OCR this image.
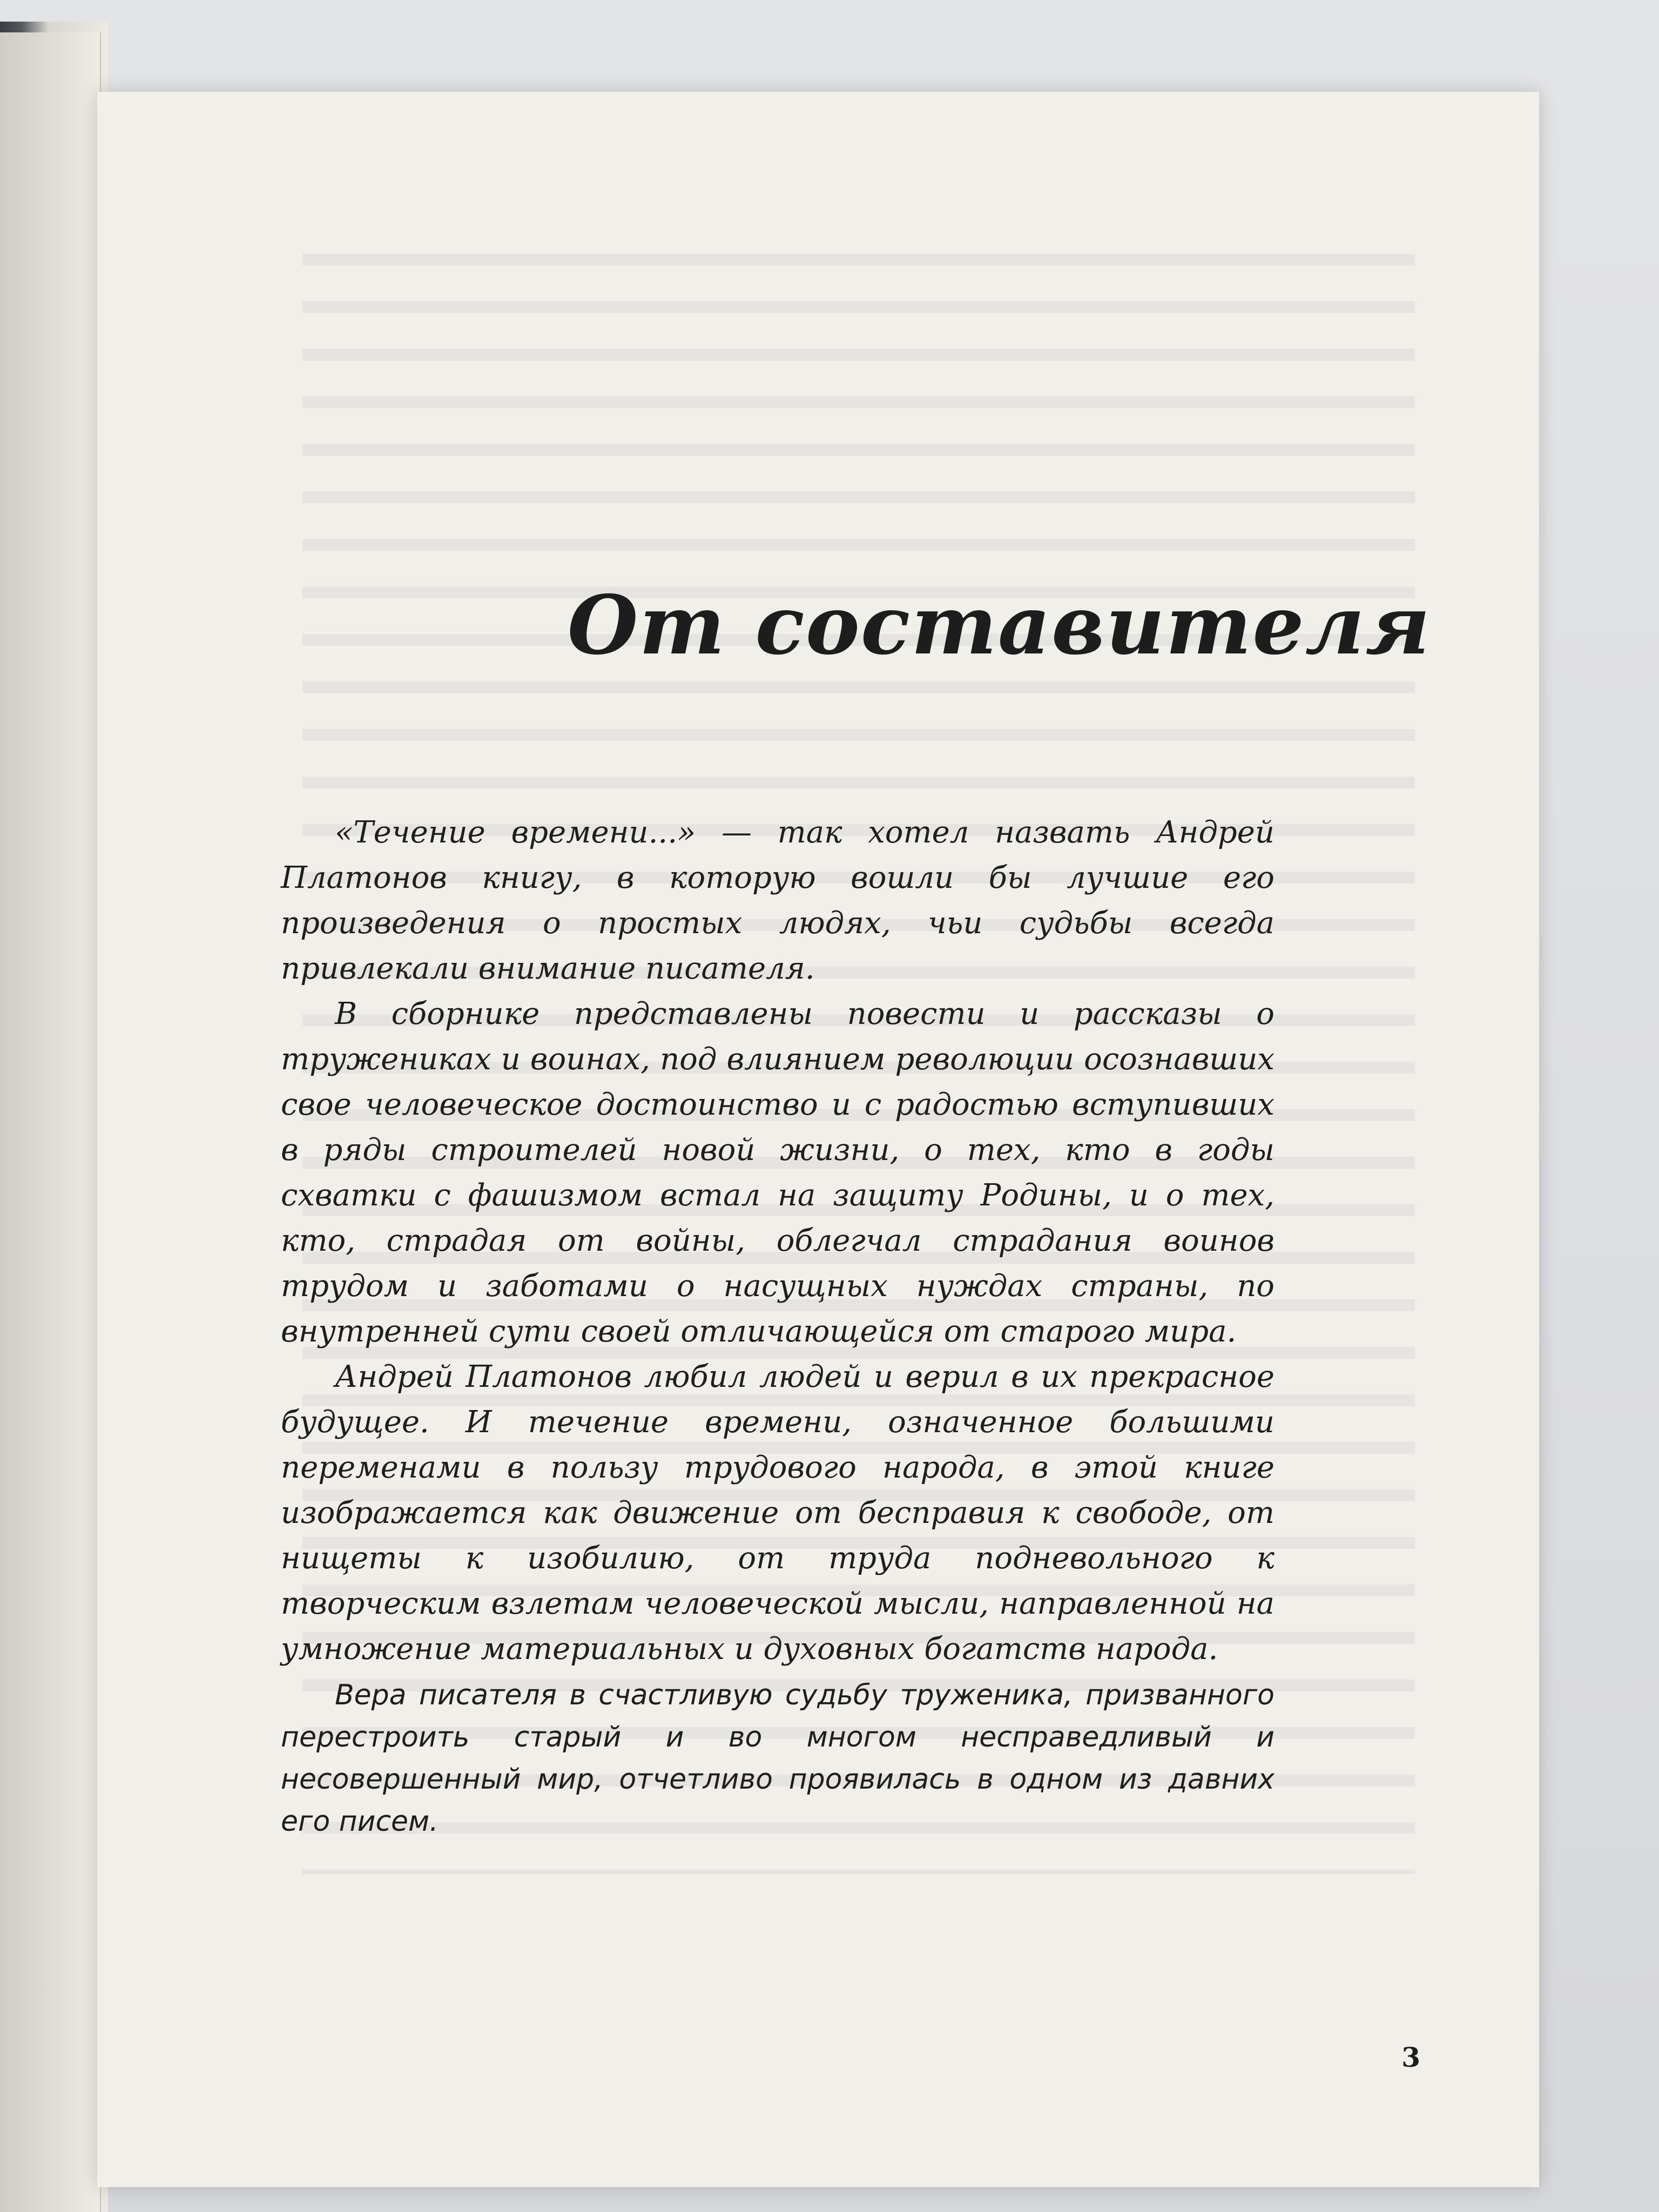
От составителя

«Течение времени...» — так хотел назвать Андрей Платонов книгу, в которую вошли бы лучшие его произведения о простых людях, чьи судьбы всегда привлекали внимание писателя.

В сборнике представлены повести и рассказы о тружениках и воинах, под влиянием революции осознавших свое человеческое достоинство и с радостью вступивших в ряды строителей новой жизни, о тех, кто в годы схватки с фашизмом встал на защиту Родины, и о тех, кто, страдая от войны, облегчал страдания воинов трудом и заботами о насущных нуждах страны, по внутренней сути своей отличающейся от старого мира.

Андрей Платонов любил людей и верил в их прекрасное будущее. И течение времени, означенное большими переменами в пользу трудового народа, в этой книге изображается как движение от бесправия к свободе, от нищеты к изобилию, от труда подневольного к творческим взлетам человеческой мысли, направленной на умножение материальных и духовных богатств народа.

Вера писателя в счастливую судьбу труженика, призванного перестроить старый и во многом несправедливый и несовершенный мир, отчетливо проявилась в одном из давних его писем.

3
